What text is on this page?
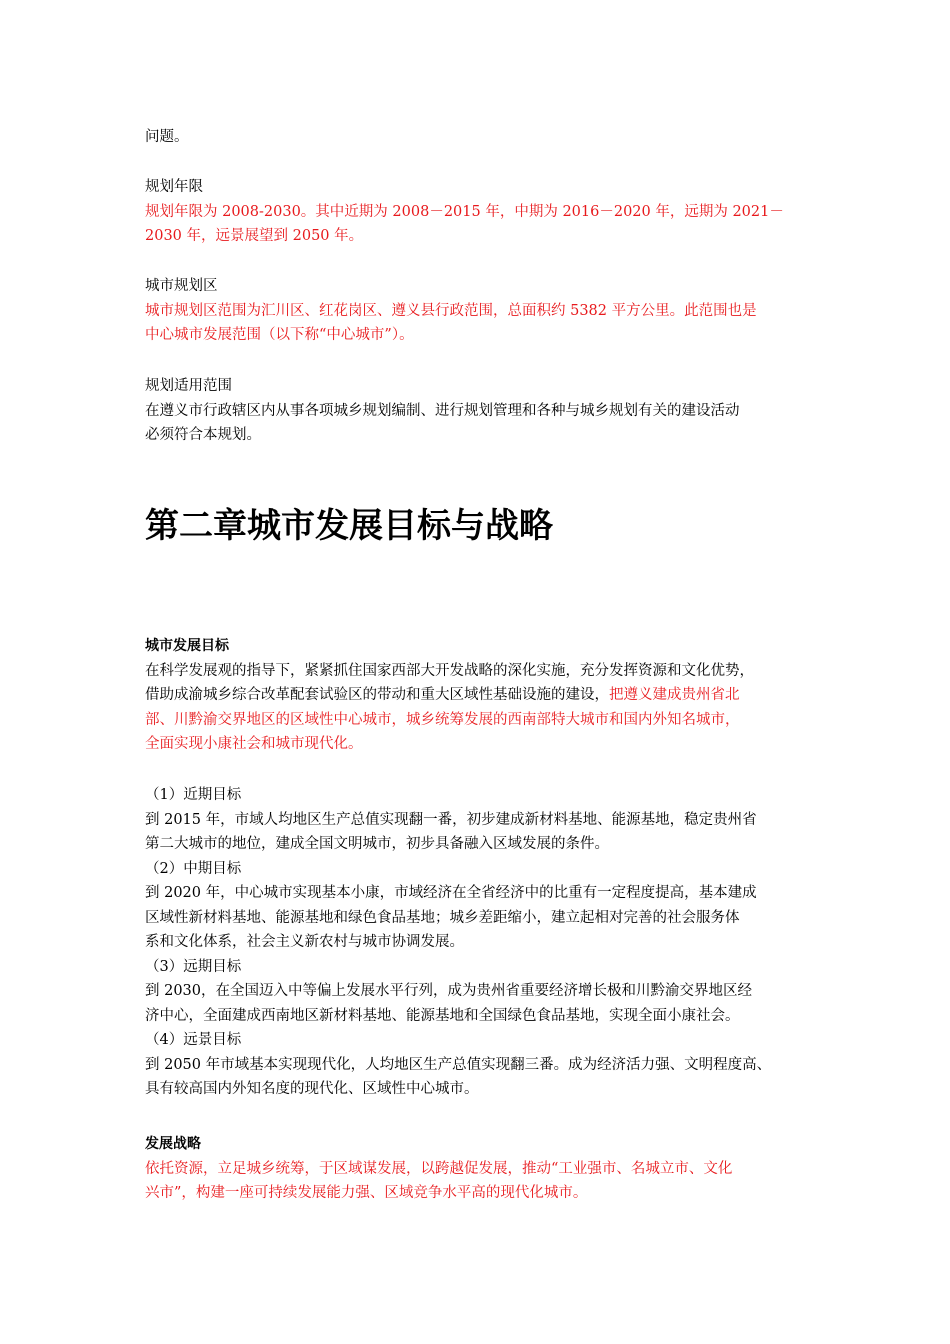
问题。
规划年限
规划年限为 2008-2030。其中近期为 2008－2015 年，中期为 2016－2020 年，远期为 2021－
2030 年，远景展望到 2050 年。
城市规划区
城市规划区范围为汇川区、红花岗区、遵义县行政范围，总面积约 5382 平方公里。此范围也是
中心城市发展范围（以下称“中心城市”）。
规划适用范围
在遵义市行政辖区内从事各项城乡规划编制、进行规划管理和各种与城乡规划有关的建设活动
必须符合本规划。
第二章城市发展目标与战略
城市发展目标
在科学发展观的指导下，紧紧抓住国家西部大开发战略的深化实施，充分发挥资源和文化优势，
借助成渝城乡综合改革配套试验区的带动和重大区域性基础设施的建设，把遵义建成贵州省北
部、川黔渝交界地区的区域性中心城市，城乡统筹发展的西南部特大城市和国内外知名城市，
全面实现小康社会和城市现代化。
（1）近期目标
到 2015 年，市域人均地区生产总值实现翻一番，初步建成新材料基地、能源基地，稳定贵州省
第二大城市的地位，建成全国文明城市，初步具备融入区域发展的条件。
（2）中期目标
到 2020 年，中心城市实现基本小康，市域经济在全省经济中的比重有一定程度提高，基本建成
区域性新材料基地、能源基地和绿色食品基地；城乡差距缩小，建立起相对完善的社会服务体
系和文化体系，社会主义新农村与城市协调发展。
（3）远期目标
到 2030，在全国迈入中等偏上发展水平行列，成为贵州省重要经济增长极和川黔渝交界地区经
济中心，全面建成西南地区新材料基地、能源基地和全国绿色食品基地，实现全面小康社会。
（4）远景目标
到 2050 年市域基本实现现代化，人均地区生产总值实现翻三番。成为经济活力强、文明程度高、
具有较高国内外知名度的现代化、区域性中心城市。
发展战略
依托资源，立足城乡统筹，于区域谋发展，以跨越促发展，推动“工业强市、名城立市、文化
兴市”，构建一座可持续发展能力强、区域竞争水平高的现代化城市。
